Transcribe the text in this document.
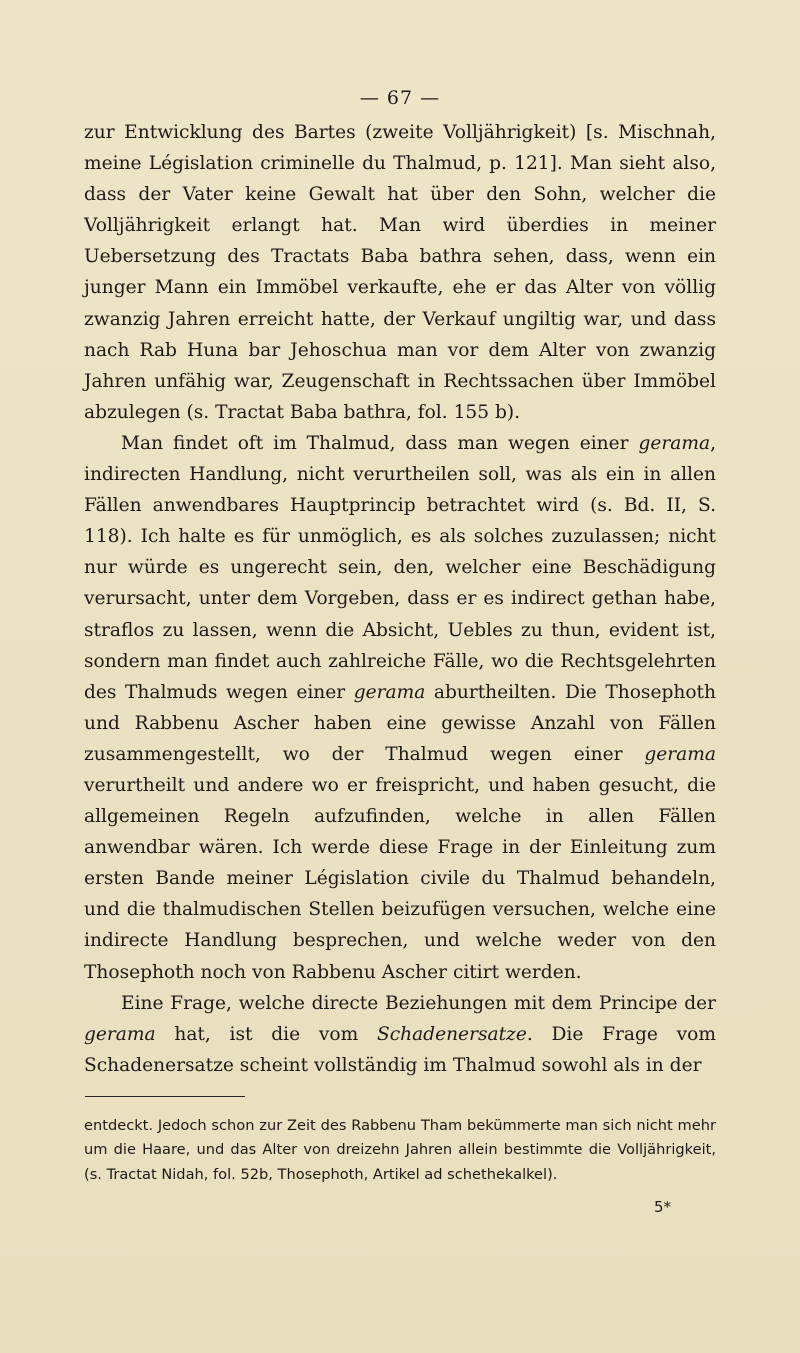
— 67 —

zur Entwicklung des Bartes (zweite Volljährigkeit) [s. Mischnah, meine Législation criminelle du Thalmud, p. 121]. Man sieht also, dass der Vater keine Gewalt hat über den Sohn, welcher die Volljährigkeit erlangt hat. Man wird überdies in meiner Uebersetzung des Tractats Baba bathra sehen, dass, wenn ein junger Mann ein Immöbel verkaufte, ehe er das Alter von völlig zwanzig Jahren erreicht hatte, der Verkauf ungiltig war, und dass nach Rab Huna bar Jehoschua man vor dem Alter von zwanzig Jahren unfähig war, Zeugenschaft in Rechtssachen über Immöbel abzulegen (s. Tractat Baba bathra, fol. 155 b).

Man findet oft im Thalmud, dass man wegen einer gerama, indirecten Handlung, nicht verurtheilen soll, was als ein in allen Fällen anwendbares Hauptprincip betrachtet wird (s. Bd. II, S. 118). Ich halte es für unmöglich, es als solches zuzulassen; nicht nur würde es ungerecht sein, den, welcher eine Beschädigung verursacht, unter dem Vorgeben, dass er es indirect gethan habe, straflos zu lassen, wenn die Absicht, Uebles zu thun, evident ist, sondern man findet auch zahlreiche Fälle, wo die Rechtsgelehrten des Thalmuds wegen einer gerama aburtheilten. Die Thosephoth und Rabbenu Ascher haben eine gewisse Anzahl von Fällen zusammengestellt, wo der Thalmud wegen einer gerama verurtheilt und andere wo er freispricht, und haben gesucht, die allgemeinen Regeln aufzufinden, welche in allen Fällen anwendbar wären. Ich werde diese Frage in der Einleitung zum ersten Bande meiner Législation civile du Thalmud behandeln, und die thalmudischen Stellen beizufügen versuchen, welche eine indirecte Handlung besprechen, und welche weder von den Thosephoth noch von Rabbenu Ascher citirt werden.

Eine Frage, welche directe Beziehungen mit dem Principe der gerama hat, ist die vom Schadenersatze. Die Frage vom Schadenersatze scheint vollständig im Thalmud sowohl als in der

entdeckt. Jedoch schon zur Zeit des Rabbenu Tham bekümmerte man sich nicht mehr um die Haare, und das Alter von dreizehn Jahren allein bestimmte die Volljährigkeit, (s. Tractat Nidah, fol. 52b, Thosephoth, Artikel ad schethekalkel).
5*
